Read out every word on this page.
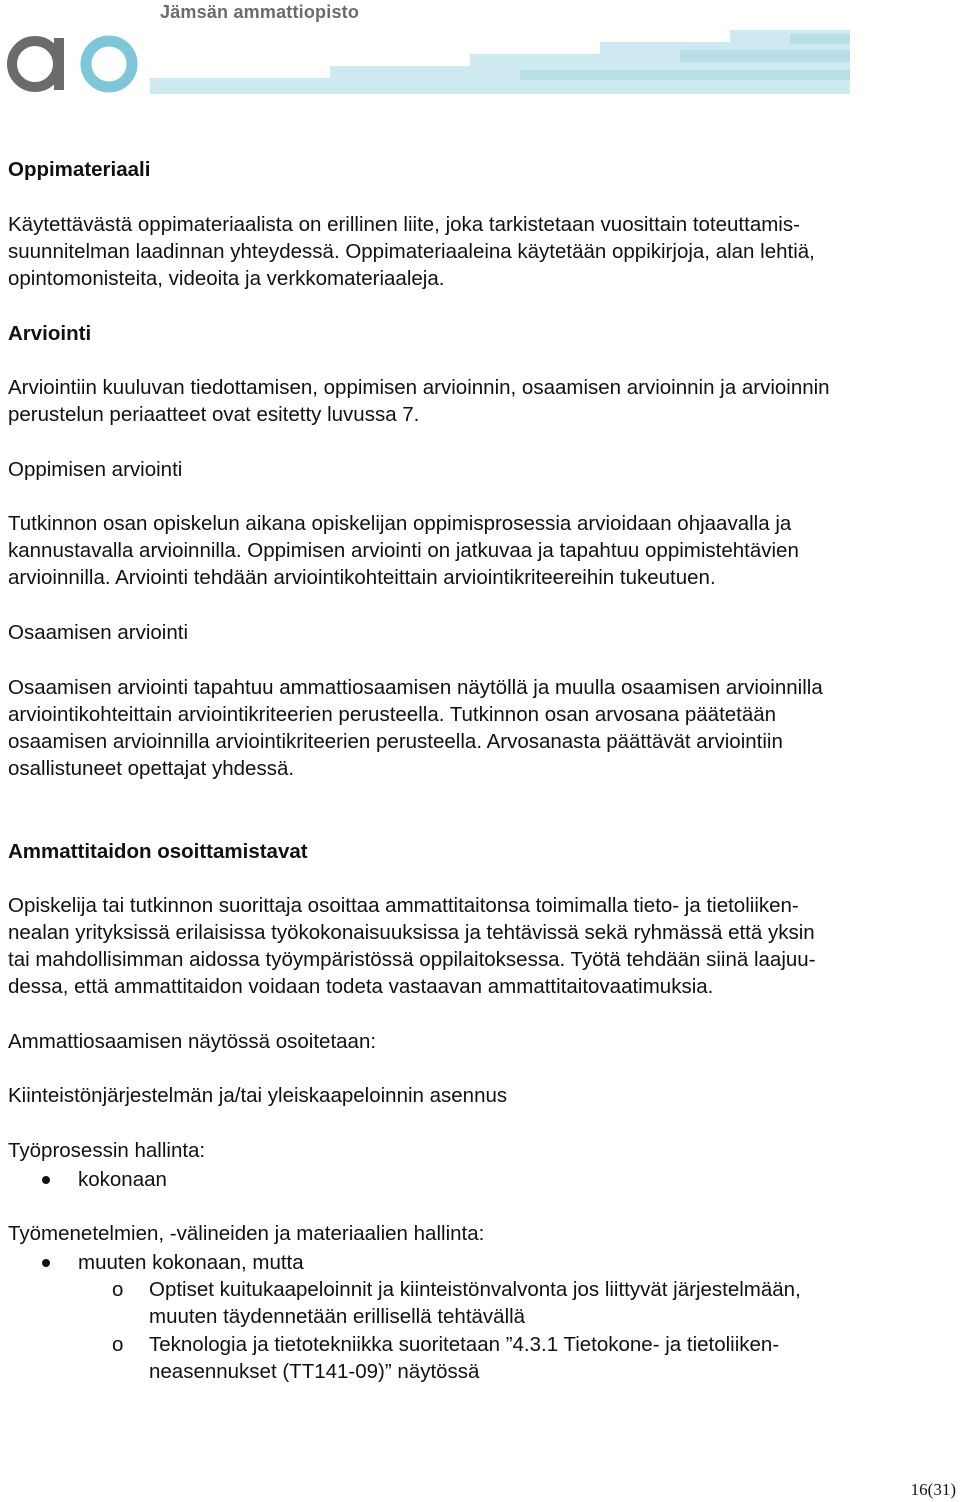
Jämsän ammattiopisto
Oppimateriaali
Käytettävästä oppimateriaalista on erillinen liite, joka tarkistetaan vuosittain toteuttamis-
suunnitelman laadinnan yhteydessä. Oppimateriaaleina käytetään oppikirjoja, alan lehtiä,
opintomonisteita, videoita ja verkkomateriaaleja.
Arviointi
Arviointiin kuuluvan tiedottamisen, oppimisen arvioinnin, osaamisen arvioinnin ja arvioinnin
perustelun periaatteet ovat esitetty luvussa 7.
Oppimisen arviointi
Tutkinnon osan opiskelun aikana opiskelijan oppimisprosessia arvioidaan ohjaavalla ja
kannustavalla arvioinnilla. Oppimisen arviointi on jatkuvaa ja tapahtuu oppimistehtävien
arvioinnilla. Arviointi tehdään arviointikohteittain arviointikriteereihin tukeutuen.
Osaamisen arviointi
Osaamisen arviointi tapahtuu ammattiosaamisen näytöllä ja muulla osaamisen arvioinnilla
arviointikohteittain arviointikriteerien perusteella. Tutkinnon osan arvosana päätetään
osaamisen arvioinnilla arviointikriteerien perusteella. Arvosanasta päättävät arviointiin
osallistuneet opettajat yhdessä.
Ammattitaidon osoittamistavat
Opiskelija tai tutkinnon suorittaja osoittaa ammattitaitonsa toimimalla tieto- ja tietoliiken-
nealan yrityksissä erilaisissa työkokonaisuuksissa ja tehtävissä sekä ryhmässä että yksin
tai mahdollisimman aidossa työympäristössä oppilaitoksessa. Työtä tehdään siinä laajuu-
dessa, että ammattitaidon voidaan todeta vastaavan ammattitaitovaatimuksia.
Ammattiosaamisen näytössä osoitetaan:
Kiinteistönjärjestelmän ja/tai yleiskaapeloinnin asennus
Työprosessin hallinta:
kokonaan
Työmenetelmien, -välineiden ja materiaalien hallinta:
muuten kokonaan, mutta
o Optiset kuitukaapeloinnit ja kiinteistönvalvonta jos liittyvät järjestelmään,
muuten täydennetään erillisellä tehtävällä
o Teknologia ja tietotekniikka suoritetaan ”4.3.1 Tietokone- ja tietoliiken-
neasennukset (TT141-09)” näytössä
16(31)
